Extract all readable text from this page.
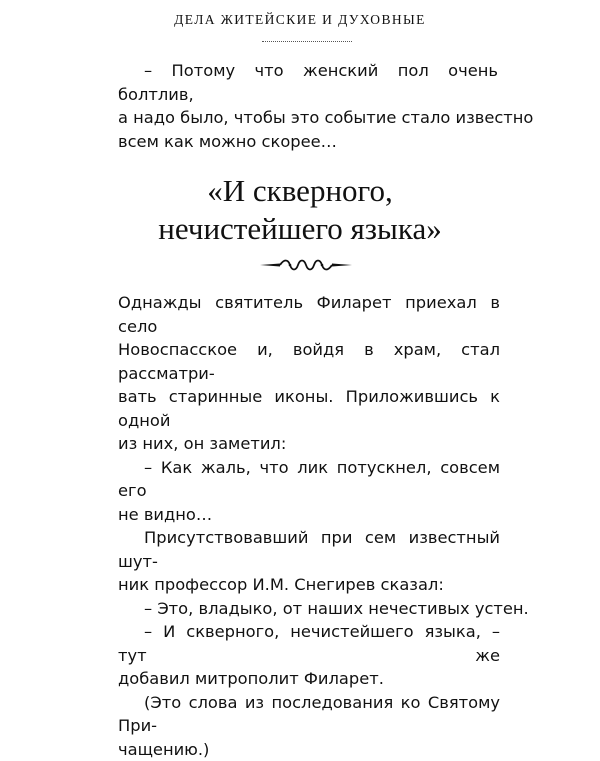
ДЕЛА ЖИТЕЙСКИЕ И ДУХОВНЫЕ

– Потому что женский пол очень болтлив,
а надо было, чтобы это событие стало известно
всем как можно скорее…

«И скверного,
нечистейшего языка»

Однажды святитель Филарет приехал в село
Новоспасское и, войдя в храм, стал рассматри-
вать старинные иконы. Приложившись к одной
из них, он заметил:

– Как жаль, что лик потускнел, совсем его
не видно…

Присутствовавший при сем известный шут-
ник профессор И.М. Снегирев сказал:

– Это, владыко, от наших нечестивых устен.

– И скверного, нечистейшего языка, – тут же
добавил митрополит Филарет.

(Это слова из последования ко Святому При-
чащению.)
